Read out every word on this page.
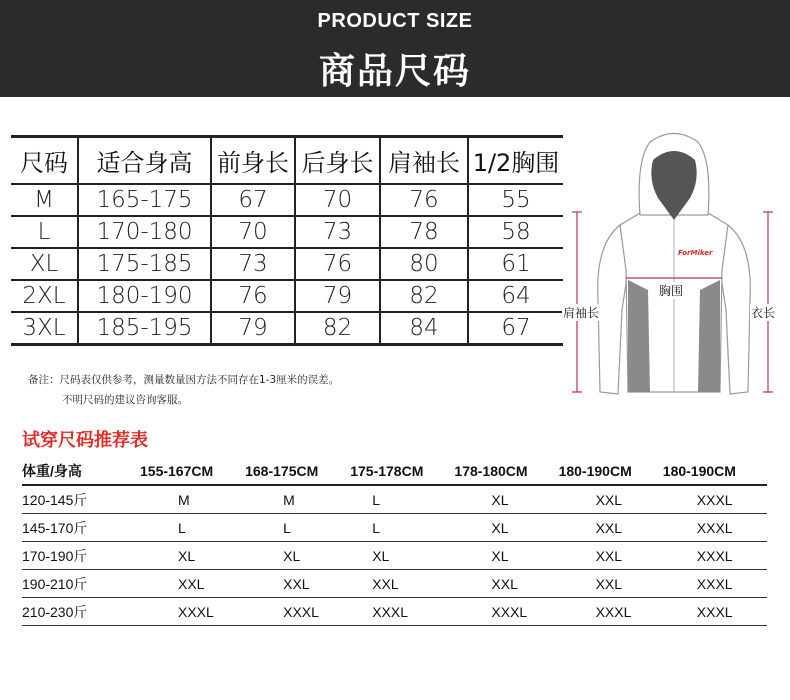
PRODUCT SIZE
商品尺码
尺码	适合身高	前身长	后身长	肩袖长	1/2胸围
M	165-175	67	70	76	55
L	170-180	70	73	78	58
XL	175-185	73	76	80	61
2XL	180-190	76	79	82	64
3XL	185-195	79	82	84	67
备注：尺码表仅供参考，测量数量因方法不同存在1-3厘米的误差。
不明尺码的建议咨询客服。
ForMiker
胸围
肩袖长	衣长
试穿尺码推荐表
体重/身高	155-167CM	168-175CM	175-178CM	178-180CM	180-190CM	180-190CM
120-145斤	M	M	L	XL	XXL	XXXL
145-170斤	L	L	L	XL	XXL	XXXL
170-190斤	XL	XL	XL	XL	XXL	XXXL
190-210斤	XXL	XXL	XXL	XXL	XXL	XXXL
210-230斤	XXXL	XXXL	XXXL	XXXL	XXXL	XXXL
